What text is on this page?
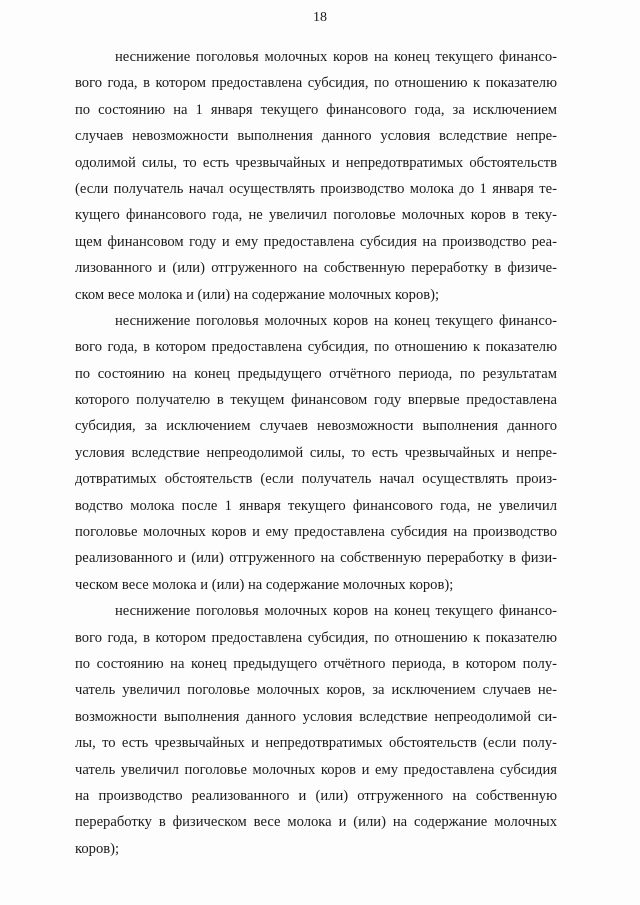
18

неснижение поголовья молочных коров на конец текущего финансо-
вого года, в котором предоставлена субсидия, по отношению к показателю
по состоянию на 1 января текущего финансового года, за исключением
случаев невозможности выполнения данного условия вследствие непре-
одолимой силы, то есть чрезвычайных и непредотвратимых обстоятельств
(если получатель начал осуществлять производство молока до 1 января те-
кущего финансового года, не увеличил поголовье молочных коров в теку-
щем финансовом году и ему предоставлена субсидия на производство реа-
лизованного и (или) отгруженного на собственную переработку в физиче-
ском весе молока и (или) на содержание молочных коров);

неснижение поголовья молочных коров на конец текущего финансо-
вого года, в котором предоставлена субсидия, по отношению к показателю
по состоянию на конец предыдущего отчётного периода, по результатам
которого получателю в текущем финансовом году впервые предоставлена
субсидия, за исключением случаев невозможности выполнения данного
условия вследствие непреодолимой силы, то есть чрезвычайных и непре-
дотвратимых обстоятельств (если получатель начал осуществлять произ-
водство молока после 1 января текущего финансового года, не увеличил
поголовье молочных коров и ему предоставлена субсидия на производство
реализованного и (или) отгруженного на собственную переработку в физи-
ческом весе молока и (или) на содержание молочных коров);

неснижение поголовья молочных коров на конец текущего финансо-
вого года, в котором предоставлена субсидия, по отношению к показателю
по состоянию на конец предыдущего отчётного периода, в котором полу-
чатель увеличил поголовье молочных коров, за исключением случаев не-
возможности выполнения данного условия вследствие непреодолимой си-
лы, то есть чрезвычайных и непредотвратимых обстоятельств (если полу-
чатель увеличил поголовье молочных коров и ему предоставлена субсидия
на производство реализованного и (или) отгруженного на собственную
переработку в физическом весе молока и (или) на содержание молочных
коров);
